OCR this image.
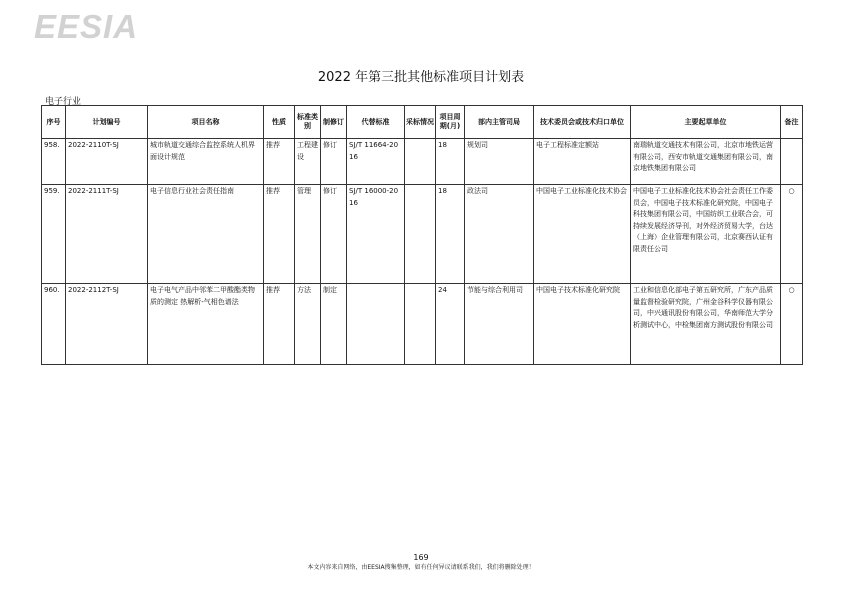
EESIA
2022 年第三批其他标准项目计划表
电子行业
序号	计划编号	项目名称	性质	标准类别	制修订	代替标准	采标情况	项目周期(月)	部内主管司局	技术委员会或技术归口单位	主要起草单位	备注
958.	2022-2110T-SJ	城市轨道交通综合监控系统人机界面设计规范	推荐	工程建设	修订	SJ/T 11664-2016		18	规划司	电子工程标准定额站	南瑞轨道交通技术有限公司，北京市地铁运营有限公司，西安市轨道交通集团有限公司，南京地铁集团有限公司	
959.	2022-2111T-SJ	电子信息行业社会责任指南	推荐	管理	修订	SJ/T 16000-2016		18	政法司	中国电子工业标准化技术协会	中国电子工业标准化技术协会社会责任工作委员会，中国电子技术标准化研究院，中国电子科技集团有限公司，中国纺织工业联合会，可持续发展经济导刊，对外经济贸易大学，台达（上海）企业管理有限公司，北京赛西认证有限责任公司	○
960.	2022-2112T-SJ	电子电气产品中邻苯二甲酸酯类物质的测定 热解析-气相色谱法	推荐	方法	制定			24	节能与综合利用司	中国电子技术标准化研究院	工业和信息化部电子第五研究所，广东产品质量监督检验研究院，广州金谷科学仪器有限公司，中兴通讯股份有限公司，华南师范大学分析测试中心，中检集团南方测试股份有限公司	○
169
本文内容来自网络，由EESIA搜集整理，如有任何异议请联系我们，我们将删除处理！
